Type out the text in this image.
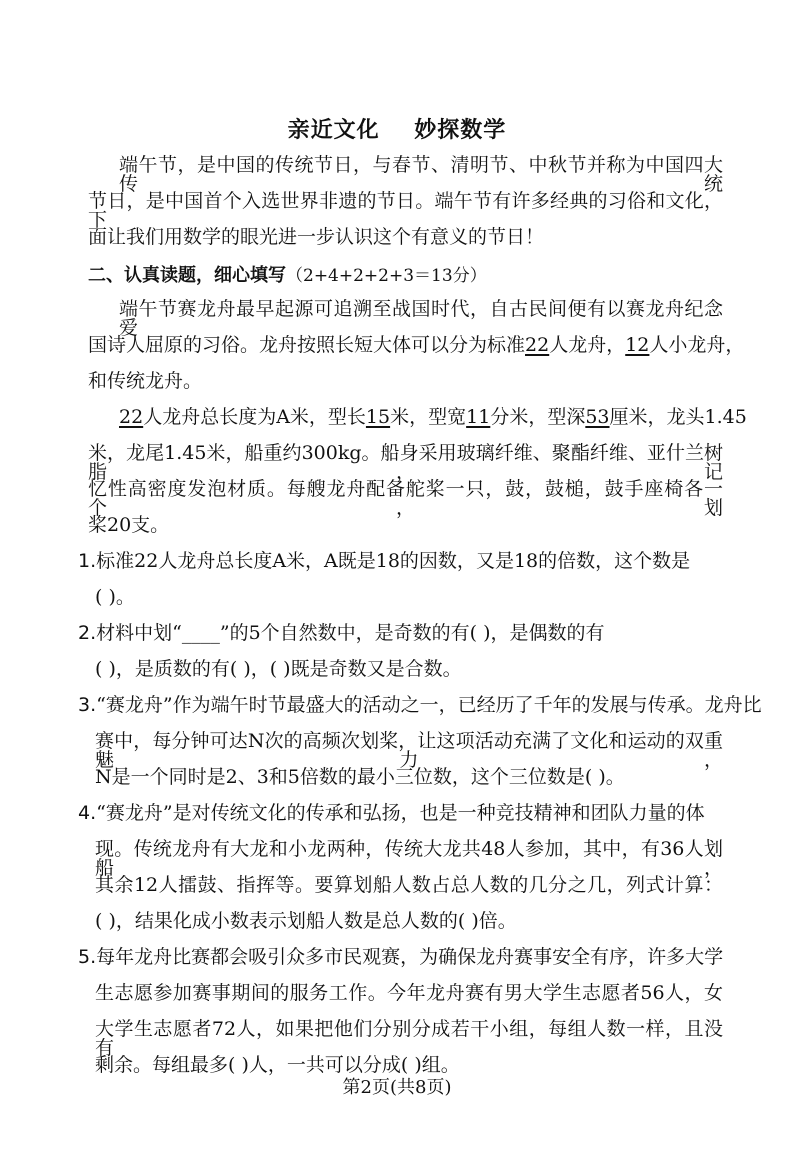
亲近文化    妙探数学
端午节，是中国的传统节日，与春节、清明节、中秋节并称为中国四大传统
节日，是中国首个入选世界非遗的节日。端午节有许多经典的习俗和文化，下
面让我们用数学的眼光进一步认识这个有意义的节日！
二、认真读题，细心填写（2+4+2+2+3＝13分）
端午节赛龙舟最早起源可追溯至战国时代，自古民间便有以赛龙舟纪念爱
国诗人屈原的习俗。龙舟按照长短大体可以分为标准22人龙舟，12人小龙舟，
和传统龙舟。
22人龙舟总长度为A米，型长15米，型宽11分米，型深53厘米，龙头1.45
米，龙尾1.45米，船重约300kg。船身采用玻璃纤维、聚酯纤维、亚什兰树脂，记
忆性高密度发泡材质。每艘龙舟配备舵桨一只，鼓，鼓槌，鼓手座椅各一个，划
桨20支。
1.标准22人龙舟总长度A米，A既是18的因数，又是18的倍数，这个数是
( )。
2.材料中划“____”的5个自然数中，是奇数的有( )，是偶数的有
( )，是质数的有( )，( )既是奇数又是合数。
3.“赛龙舟”作为端午时节最盛大的活动之一，已经历了千年的发展与传承。龙舟比
赛中，每分钟可达N次的高频次划桨，让这项活动充满了文化和运动的双重魅力，
N是一个同时是2、3和5倍数的最小三位数，这个三位数是( )。
4.“赛龙舟”是对传统文化的传承和弘扬，也是一种竞技精神和团队力量的体
现。传统龙舟有大龙和小龙两种，传统大龙共48人参加，其中，有36人划船，
其余12人擂鼓、指挥等。要算划船人数占总人数的几分之几，列式计算：
( )，结果化成小数表示划船人数是总人数的( )倍。
5.每年龙舟比赛都会吸引众多市民观赛，为确保龙舟赛事安全有序，许多大学
生志愿参加赛事期间的服务工作。今年龙舟赛有男大学生志愿者56人，女
大学生志愿者72人，如果把他们分别分成若干小组，每组人数一样，且没有
剩余。每组最多( )人，一共可以分成( )组。
第2页(共8页)
